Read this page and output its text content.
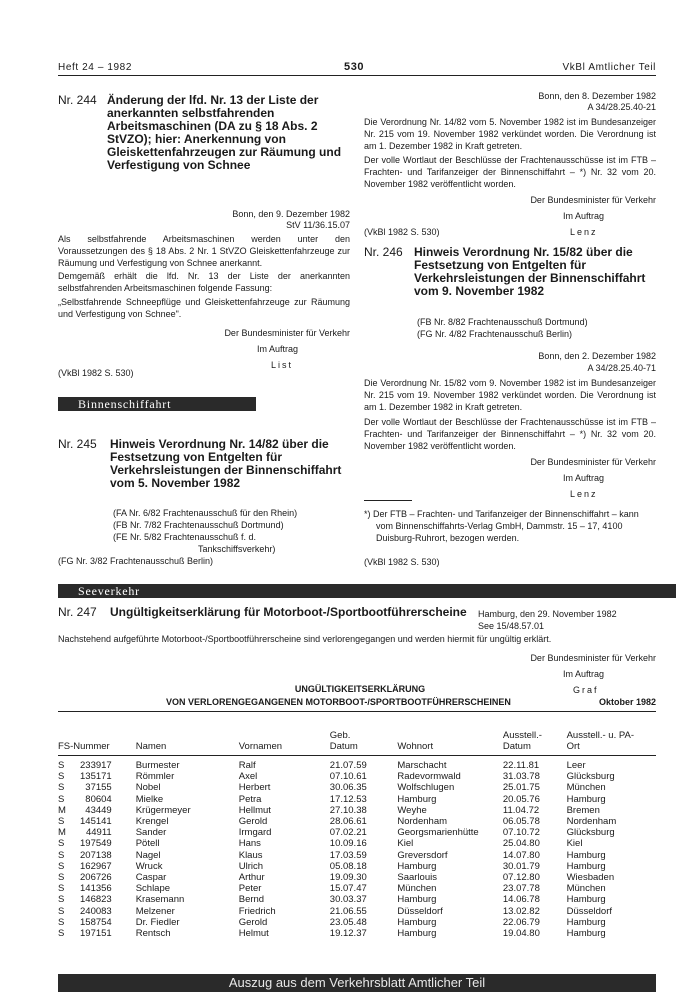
Heft 24 – 1982	530	VkBl Amtlicher Teil
Nr. 244 Änderung der lfd. Nr. 13 der Liste der anerkannten selbstfahrenden Arbeitsmaschinen (DA zu § 18 Abs. 2 StVZO); hier: Anerkennung von Gleiskettenfahrzeugen zur Räumung und Verfestigung von Schnee
Bonn, den 9. Dezember 1982
StV 11/36.15.07
Als selbstfahrende Arbeitsmaschinen werden unter den Voraussetzungen des § 18 Abs. 2 Nr. 1 StVZO Gleiskettenfahrzeuge zur Räumung und Verfestigung von Schnee anerkannt.
Demgemäß erhält die lfd. Nr. 13 der Liste der anerkannten selbstfahrenden Arbeitsmaschinen folgende Fassung:
„Selbstfahrende Schneepflüge und Gleiskettenfahrzeuge zur Räumung und Verfestigung von Schnee".
Der Bundesminister für Verkehr
Im Auftrag
List
(VkBl 1982 S. 530)
Binnenschiffahrt
Nr. 245 Hinweis Verordnung Nr. 14/82 über die Festsetzung von Entgelten für Verkehrsleistungen der Binnenschiffahrt vom 5. November 1982
(FA Nr. 6/82 Frachtenausschuß für den Rhein)
(FB Nr. 7/82 Frachtenausschuß Dortmund)
(FE Nr. 5/82 Frachtenausschuß f. d.
Tankschiffsverkehr)
(FG Nr. 3/82 Frachtenausschuß Berlin)
Bonn, den 8. Dezember 1982
A 34/28.25.40-21
Die Verordnung Nr. 14/82 vom 5. November 1982 ist im Bundesanzeiger Nr. 215 vom 19. November 1982 verkündet worden. Die Verordnung ist am 1. Dezember 1982 in Kraft getreten.
Der volle Wortlaut der Beschlüsse der Frachtenausschüsse ist im FTB – Frachten- und Tarifanzeiger der Binnenschiffahrt – *) Nr. 32 vom 20. November 1982 veröffentlicht worden.
Der Bundesminister für Verkehr
Im Auftrag
Lenz
(VkBl 1982 S. 530)
Nr. 246 Hinweis Verordnung Nr. 15/82 über die Festsetzung von Entgelten für Verkehrsleistungen der Binnenschiffahrt vom 9. November 1982
(FB Nr. 8/82 Frachtenausschuß Dortmund)
(FG Nr. 4/82 Frachtenausschuß Berlin)
Bonn, den 2. Dezember 1982
A 34/28.25.40-71
Die Verordnung Nr. 15/82 vom 9. November 1982 ist im Bundesanzeiger Nr. 215 vom 19. November 1982 verkündet worden. Die Verordnung ist am 1. Dezember 1982 in Kraft getreten.
Der volle Wortlaut der Beschlüsse der Frachtenausschüsse ist im FTB – Frachten- und Tarifanzeiger der Binnenschiffahrt – *) Nr. 32 vom 20. November 1982 veröffentlicht worden.
Der Bundesminister für Verkehr
Im Auftrag
Lenz
*) Der FTB – Frachten- und Tarifanzeiger der Binnenschiffahrt – kann vom Binnenschiffahrts-Verlag GmbH, Dammstr. 15 – 17, 4100 Duisburg-Ruhrort, bezogen werden.
(VkBl 1982 S. 530)
Seeverkehr
Nr. 247 Ungültigkeitserklärung für Motorboot-/Sportbootführerscheine Hamburg, den 29. November 1982
See 15/48.57.01
Nachstehend aufgeführte Motorboot-/Sportbootführerscheine sind verlorengegangen und werden hiermit für ungültig erklärt.
Der Bundesminister für Verkehr
Im Auftrag
Graf
UNGÜLTIGKEITSERKLÄRUNG
VON VERLORENGEGANGENEN MOTORBOOT-/SPORTBOOTFÜHRERSCHEINEN	Oktober 1982
FS-Nummer		Namen	Vornamen	Geb. Datum	Wohnort	Ausstell.-Datum	Ausstell.- u. PA-Ort

S	233917	Burmester	Ralf	21.07.59	Marschacht	22.11.81	Leer
S	135171	Römmler	Axel	07.10.61	Radevormwald	31.03.78	Glücksburg
S	37155	Nobel	Herbert	30.06.35	Wolfschlugen	25.01.75	München
S	80604	Mielke	Petra	17.12.53	Hamburg	20.05.76	Hamburg
M	43449	Krügermeyer	Hellmut	27.10.38	Weyhe	11.04.72	Bremen
S	145141	Krengel	Gerold	28.06.61	Nordenham	06.05.78	Nordenham
M	44911	Sander	Irmgard	07.02.21	Georgsmarienhütte	07.10.72	Glücksburg
S	197549	Pötell	Hans	10.09.16	Kiel	25.04.80	Kiel
S	207138	Nagel	Klaus	17.03.59	Greversdorf	14.07.80	Hamburg
S	162967	Wruck	Ulrich	05.08.18	Hamburg	30.01.79	Hamburg
S	206726	Caspar	Arthur	19.09.30	Saarlouis	07.12.80	Wiesbaden
S	141356	Schlape	Peter	15.07.47	München	23.07.78	München
S	146823	Krasemann	Bernd	30.03.37	Hamburg	14.06.78	Hamburg
S	240083	Melzener	Friedrich	21.06.55	Düsseldorf	13.02.82	Düsseldorf
S	158754	Dr. Fiedler	Gerold	23.05.48	Hamburg	22.06.79	Hamburg
S	197151	Rentsch	Helmut	19.12.37	Hamburg	19.04.80	Hamburg
Auszug aus dem Verkehrsblatt Amtlicher Teil
